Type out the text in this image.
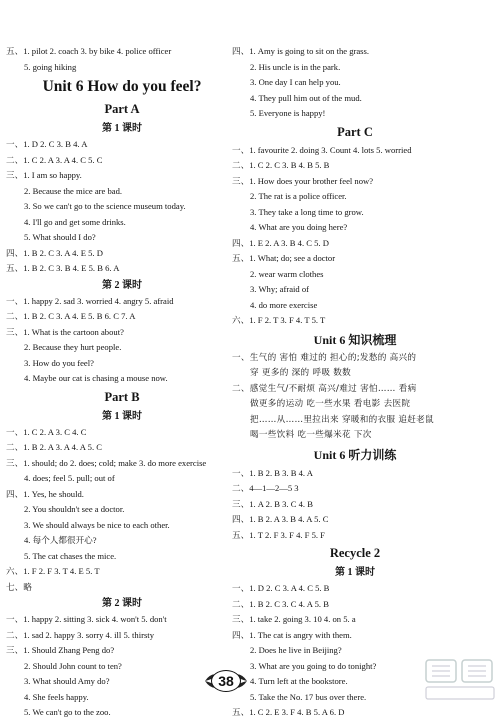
五、1. pilot 2. coach 3. by bike 4. police officer
5. going hiking
Unit 6 How do you feel?
Part A
第 1 课时
一、1. D 2. C 3. B 4. A
二、1. C 2. A 3. A 4. C 5. C
三、1. I am so happy.
2. Because the mice are bad.
3. So we can't go to the science museum today.
4. I'll go and get some drinks.
5. What should I do?
四、1. B 2. C 3. A 4. E 5. D
五、1. B 2. C 3. B 4. E 5. B 6. A
第 2 课时
一、1. happy 2. sad 3. worried 4. angry 5. afraid
二、1. B 2. C 3. A 4. E 5. B 6. C 7. A
三、1. What is the cartoon about?
2. Because they hurt people.
3. How do you feel?
4. Maybe our cat is chasing a mouse now.
Part B
第 1 课时
一、1. C 2. A 3. C 4. C
二、1. B 2. A 3. A 4. A 5. C
三、1. should; do 2. does; cold; make 3. do more exercise
4. does; feel 5. pull; out of
四、1. Yes, he should.
2. You shouldn't see a doctor.
3. We should always be nice to each other.
4. 每个人都很开心?
5. The cat chases the mice.
六、1. F 2. F 3. T 4. E 5. T
七、略
第 2 课时
一、1. happy 2. sitting 3. sick 4. won't 5. don't
二、1. sad 2. happy 3. sorry 4. ill 5. thirsty
三、1. Should Zhang Peng do?
2. Should John count to ten?
3. What should Amy do?
4. She feels happy.
5. We can't go to the zoo.
四、1. Amy is going to sit on the grass.
2. His uncle is in the park.
3. One day I can help you.
4. They pull him out of the mud.
5. Everyone is happy!
Part C
一、1. favourite 2. doing 3. Count 4. lots 5. worried
二、1. C 2. C 3. B 4. B 5. B
三、1. How does your brother feel now?
2. The rat is a police officer.
3. They take a long time to grow.
4. What are you doing here?
四、1. E 2. A 3. B 4. C 5. D
五、1. What; do; see a doctor
2. wear warm clothes
3. Why; afraid of
4. do more exercise
六、1. F 2. T 3. F 4. T 5. T
Unit 6 知识梳理
一、生气的 害怕 难过的 担心的;发愁的 高兴的
穿 更多的 深的 呼吸 数数
二、感觉生气/不耐烦 高兴/难过 害怕…… 看病
做更多的运动 吃一些水果 看电影 去医院
把……从……里拉出来 穿暖和的衣服 追赶老鼠
喝一些饮料 吃一些爆米花 下次
Unit 6 听力训练
一、1. B 2. B 3. B 4. A
二、4—1—2—5 3
三、1. A 2. B 3. C 4. B
四、1. B 2. A 3. B 4. A 5. C
五、1. T 2. F 3. F 4. F 5. F
Recycle 2
第 1 课时
一、1. D 2. C 3. A 4. C 5. B
二、1. B 2. C 3. C 4. A 5. B
三、1. take 2. going 3. 10 4. on 5. a
四、1. The cat is angry with them.
2. Does he live in Beijing?
3. What are you going to do tonight?
4. Turn left at the bookstore.
5. Take the No. 17 bus over there.
五、1. C 2. E 3. F 4. B 5. A 6. D
38
